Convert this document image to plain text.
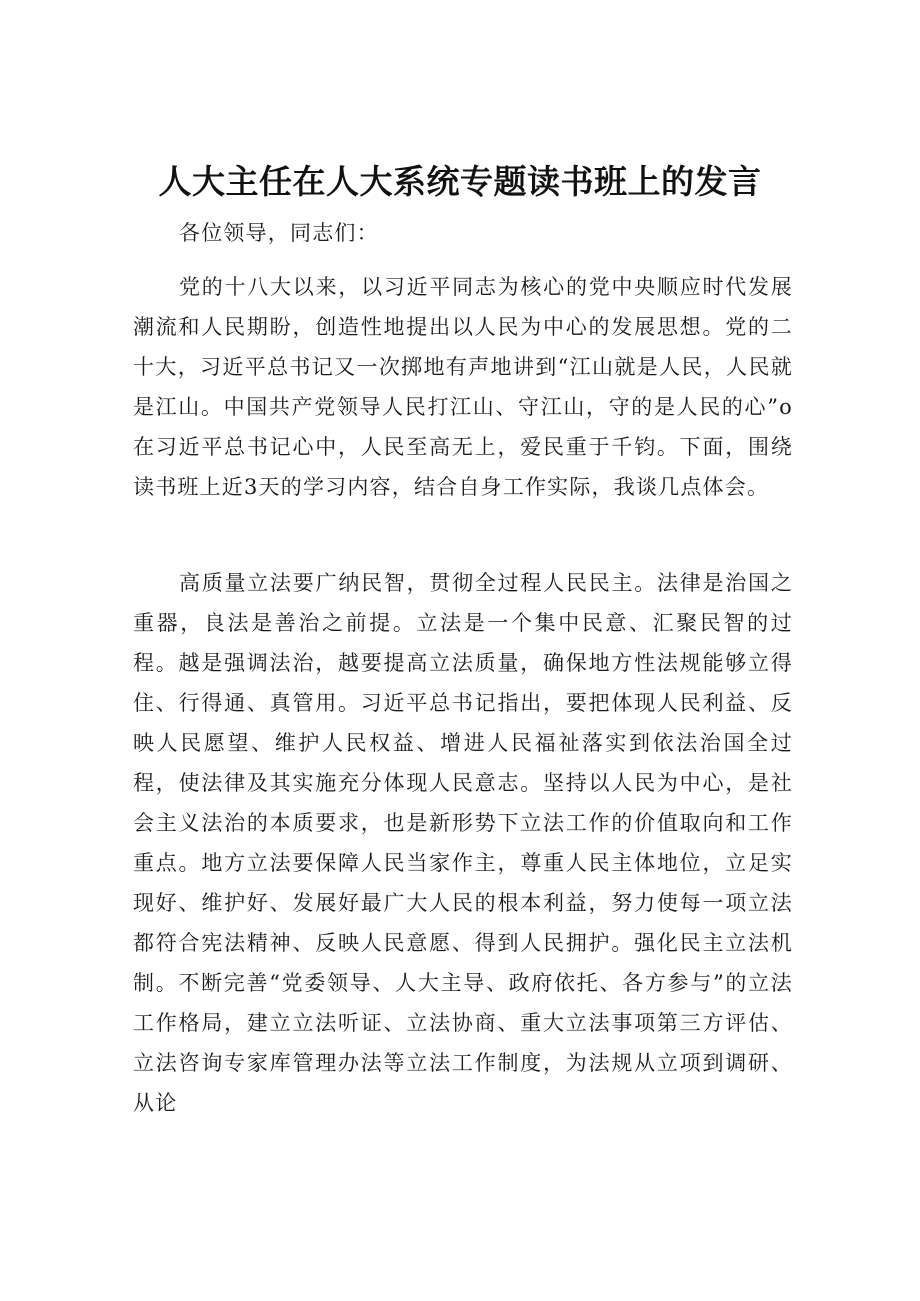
人大主任在人大系统专题读书班上的发言

各位领导，同志们：

党的十八大以来，以习近平同志为核心的党中央顺应时代发展潮流和人民期盼，创造性地提出以人民为中心的发展思想。党的二十大，习近平总书记又一次掷地有声地讲到“江山就是人民，人民就是江山。中国共产党领导人民打江山、守江山，守的是人民的心”o在习近平总书记心中，人民至高无上，爱民重于千钧。下面，围绕读书班上近3天的学习内容，结合自身工作实际，我谈几点体会。

高质量立法要广纳民智，贯彻全过程人民民主。法律是治国之重器，良法是善治之前提。立法是一个集中民意、汇聚民智的过程。越是强调法治，越要提高立法质量，确保地方性法规能够立得住、行得通、真管用。习近平总书记指出，要把体现人民利益、反映人民愿望、维护人民权益、增进人民福祉落实到依法治国全过程，使法律及其实施充分体现人民意志。坚持以人民为中心，是社会主义法治的本质要求，也是新形势下立法工作的价值取向和工作重点。地方立法要保障人民当家作主，尊重人民主体地位，立足实现好、维护好、发展好最广大人民的根本利益，努力使每一项立法都符合宪法精神、反映人民意愿、得到人民拥护。强化民主立法机制。不断完善“党委领导、人大主导、政府依托、各方参与”的立法工作格局，建立立法听证、立法协商、重大立法事项第三方评估、立法咨询专家库管理办法等立法工作制度，为法规从立项到调研、从论
